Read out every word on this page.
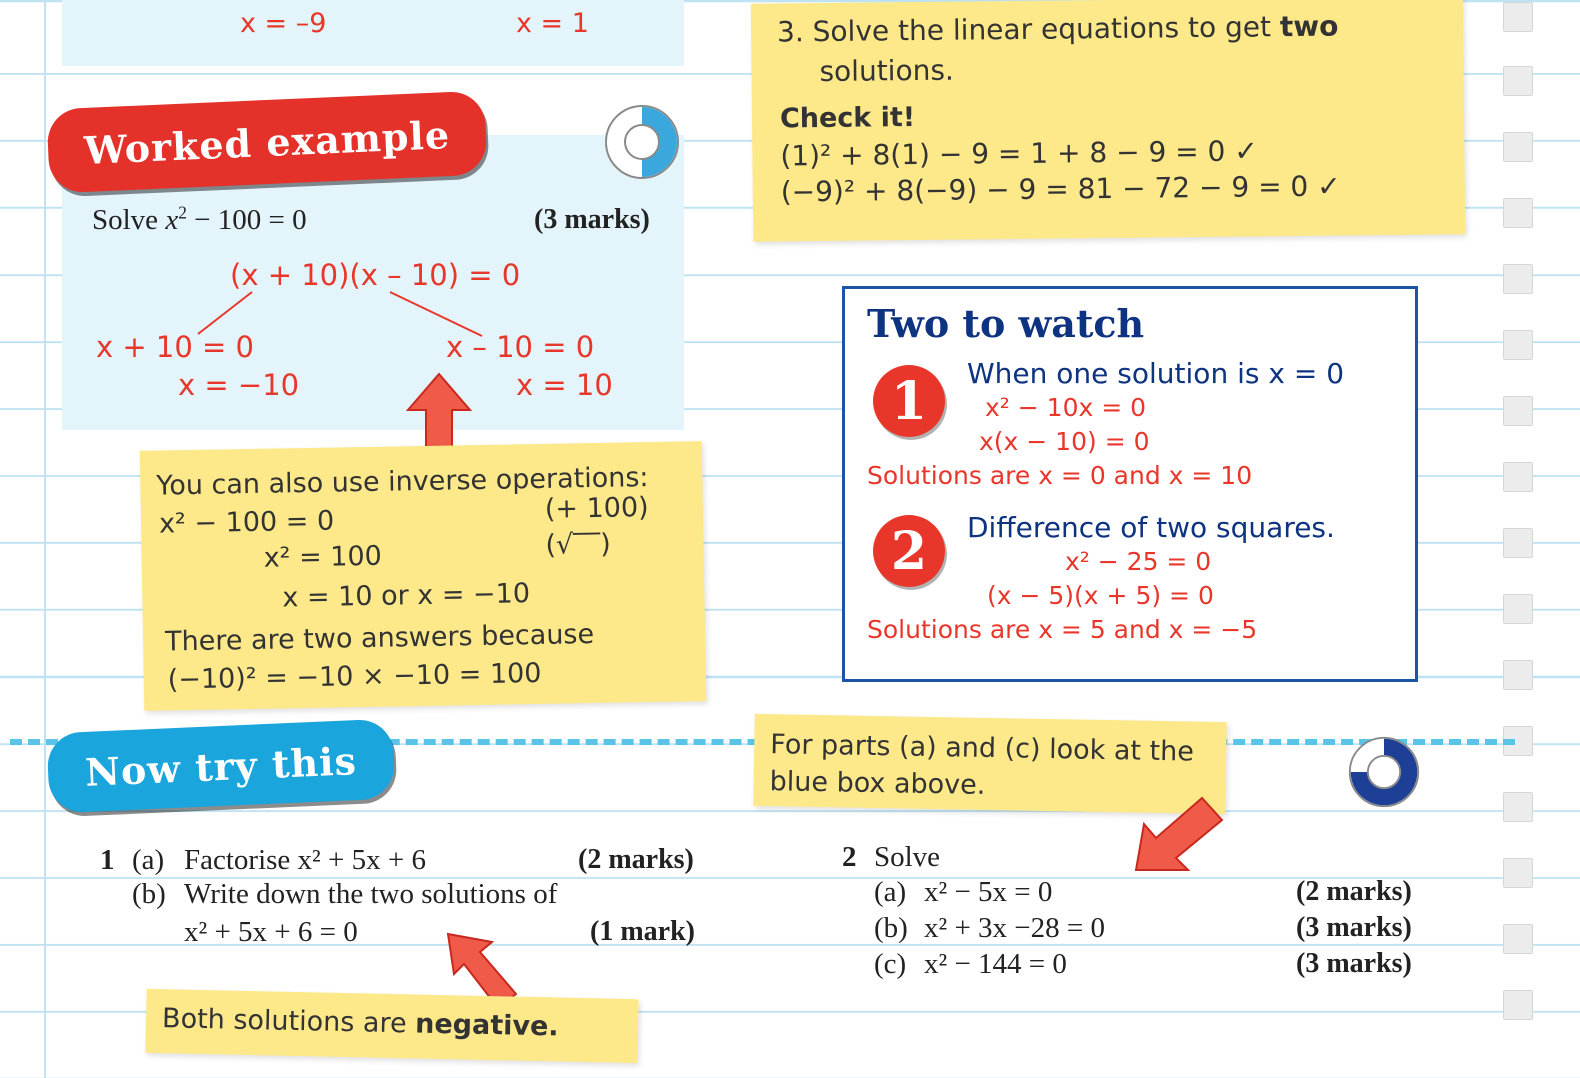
x = –9	x = 1	3. Solve the linear equations to get two
solutions.
Check it!
(1)² + 8(1) − 9 = 1 + 8 − 9 = 0 ✓
(−9)² + 8(−9) − 9 = 81 − 72 − 9 = 0 ✓
Worked example
Solve $x^2 - 100 = 0$	(3 marks)
(x + 10)(x – 10) = 0
x + 10 = 0
x = −10
x – 10 = 0
x = 10
You can also use inverse operations:
x² − 100 = 0	(+ 100)
x² = 100	(√‾‾)
x = 10 or x = −10
There are two answers because
(−10)² = −10 × −10 = 100
Two to watch
1	When one solution is x = 0
x² − 10x = 0
x(x − 10) = 0
Solutions are x = 0 and x = 10
2	Difference of two squares.
x² − 25 = 0
(x − 5)(x + 5) = 0
Solutions are x = 5 and x = −5
Now try this	For parts (a) and (c) look at the blue box above.
1 (a) Factorise x² + 5x + 6	(2 marks)
(b) Write down the two solutions of
x² + 5x + 6 = 0	(1 mark)
Both solutions are negative.
2 Solve
(a) x² − 5x = 0	(2 marks)
(b) x² + 3x −28 = 0	(3 marks)
(c) x² − 144 = 0	(3 marks)
